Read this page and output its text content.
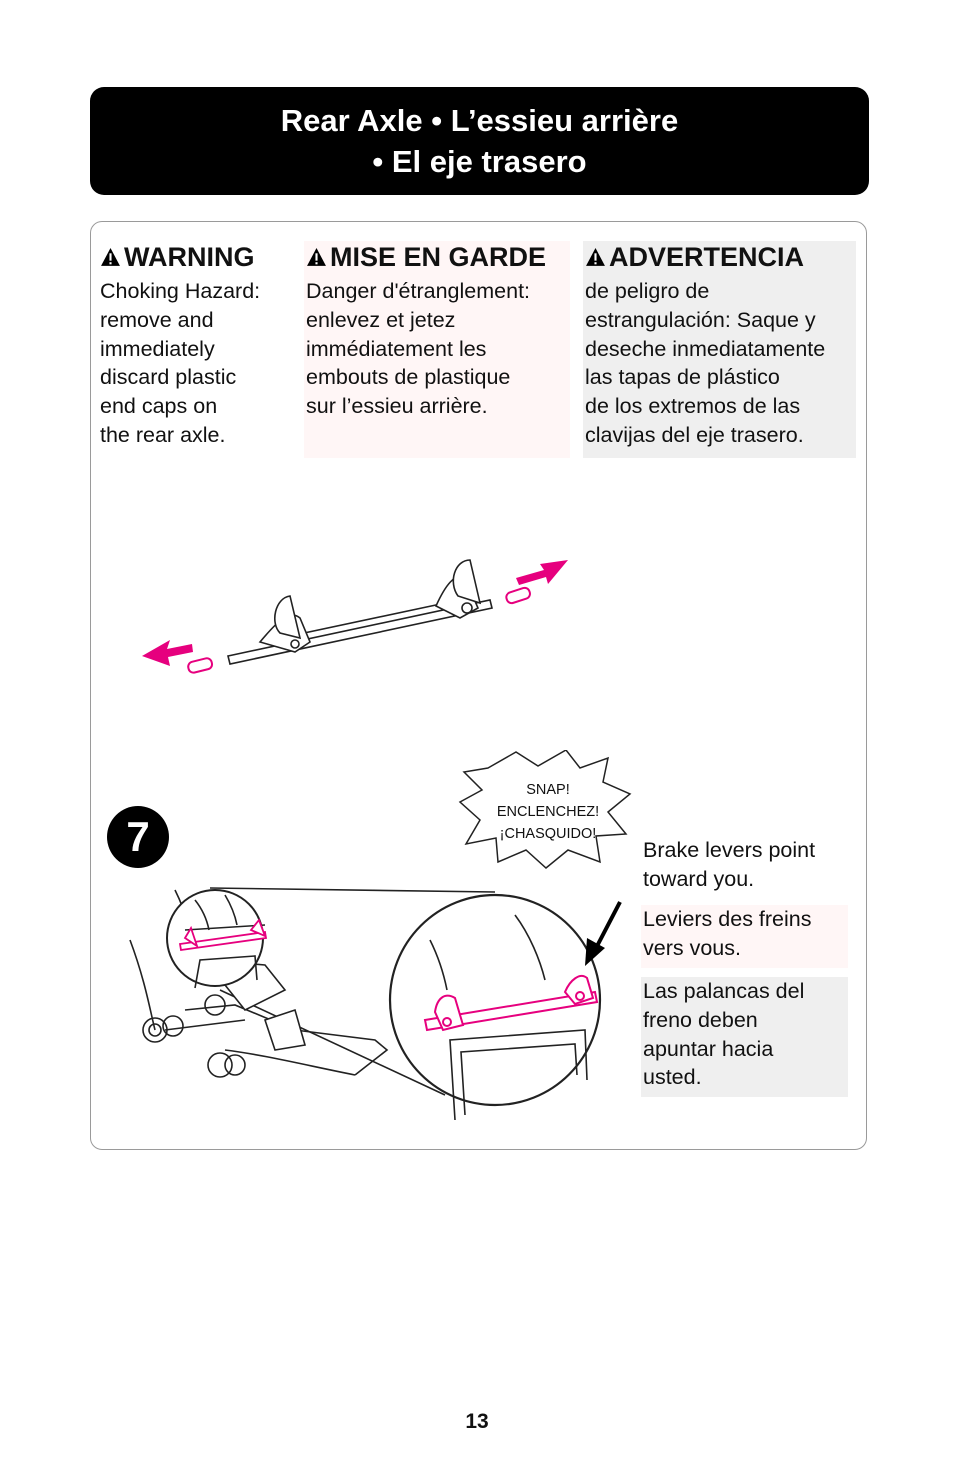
Rear Axle • L’essieu arrière
• El eje trasero
WARNING

Choking Hazard:
remove and
immediately
discard plastic
end caps on
the rear axle.

MISE EN GARDE

Danger d'étranglement:
enlevez et jetez
immédiatement les
embouts de plastique
sur l’essieu arrière.

ADVERTENCIA

de peligro de
estrangulación: Saque y
deseche inmediatamente
las tapas de plástico
de los extremos de las
clavijas del eje trasero.

7
SNAP!
ENCLENCHEZ!
¡CHASQUIDO!
Brake levers point
toward you.
Leviers des freins
vers vous.
Las palancas del
freno deben
apuntar hacia
usted.
13
